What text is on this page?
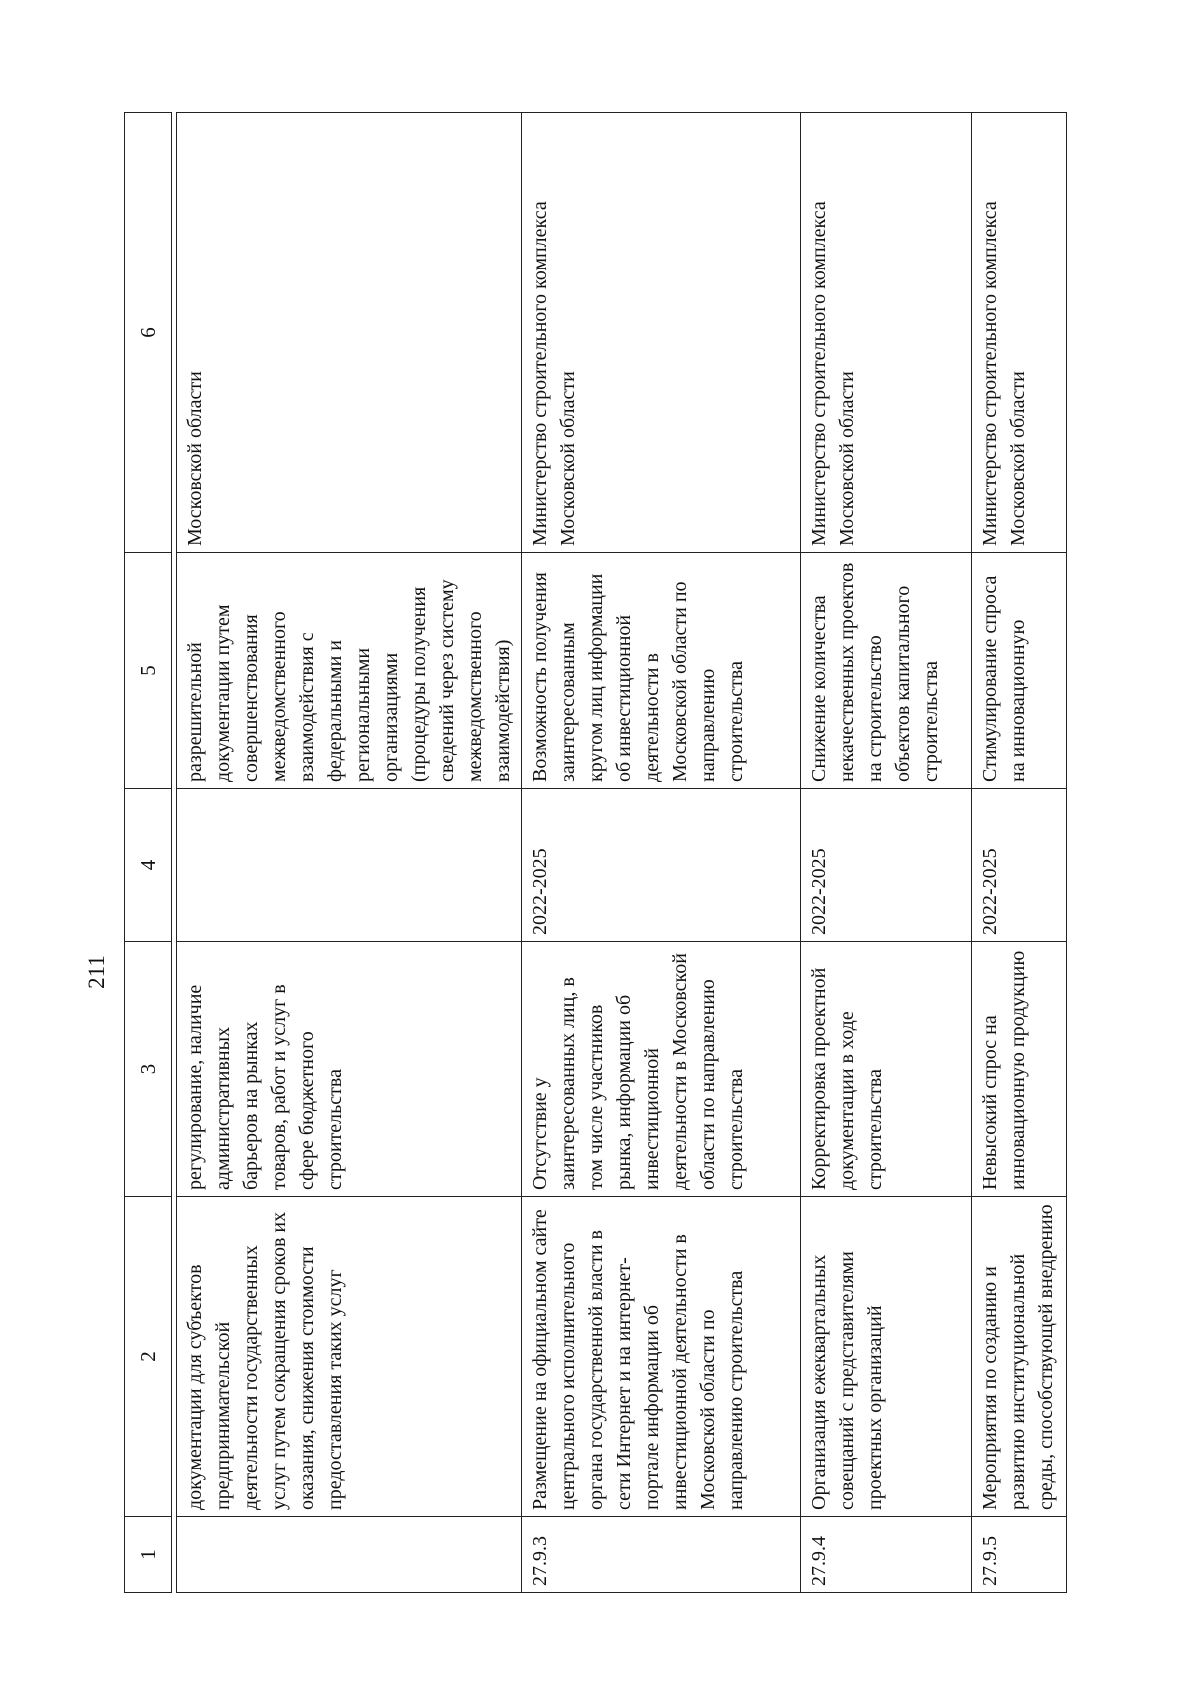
211
1	2	3	4	5	6

	документации для субъектов предпринимательской деятельности государственных услуг путем сокращения сроков их оказания, снижения стоимости предоставления таких услуг	регулирование, наличие административных барьеров на рынках товаров, работ и услуг в сфере бюджетного строительства		разрешительной документации путем совершенствования межведомственного взаимодействия с федеральными и региональными организациями (процедуры получения сведений через систему межведомственного взаимодействия)	Московской области
27.9.3	Размещение на официальном сайте центрального исполнительного органа государственной власти в сети Интернет и на интернет-портале информации об инвестиционной деятельности в Московской области по направлению строительства	Отсутствие у заинтересованных лиц, в том числе участников рынка, информации об инвестиционной деятельности в Московской области по направлению строительства	2022-2025	Возможность получения заинтересованным кругом лиц информации об инвестиционной деятельности в Московской области по направлению строительства	Министерство строительного комплекса Московской области
27.9.4	Организация ежеквартальных совещаний с представителями проектных организаций	Корректировка проектной документации в ходе строительства	2022-2025	Снижение количества некачественных проектов на строительство объектов капитального строительства	Министерство строительного комплекса Московской области
27.9.5	Мероприятия по созданию и развитию институциональной среды, способствующей внедрению	Невысокий спрос на инновационную продукцию	2022-2025	Стимулирование спроса на инновационную	Министерство строительного комплекса Московской области
